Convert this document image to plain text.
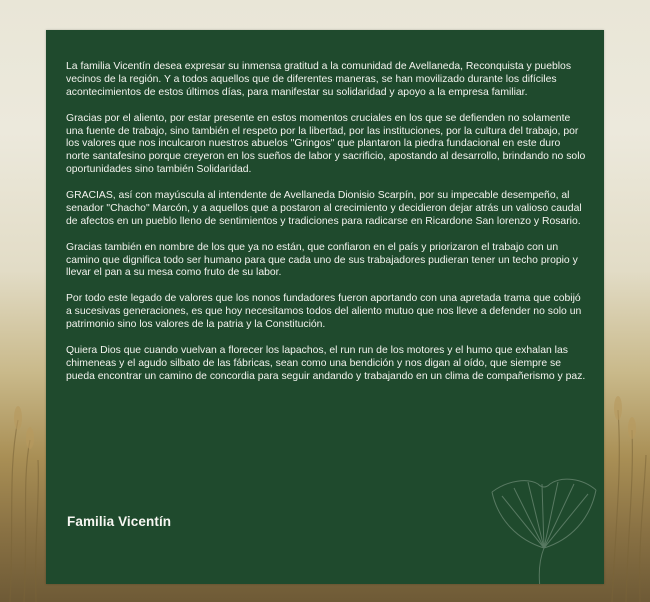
La familia Vicentín desea expresar su inmensa gratitud a la comunidad de Avellaneda, Reconquista y pueblos vecinos de la región. Y a todos aquellos que de diferentes maneras, se han movilizado durante los difíciles acontecimientos de estos últimos días, para manifestar su solidaridad y apoyo a la empresa familiar.

Gracias por el aliento, por estar presente en estos momentos cruciales en los que se defienden no solamente una fuente de trabajo, sino también el respeto por la libertad, por las instituciones, por la cultura del trabajo, por los valores que nos inculcaron nuestros abuelos "Gringos" que plantaron la piedra fundacional en este duro norte santafesino porque creyeron en los sueños de labor y sacrificio, apostando al desarrollo, brindando no solo oportunidades sino también Solidaridad.

GRACIAS, así con mayúscula al intendente de Avellaneda Dionisio Scarpín, por su impecable desempeño, al senador "Chacho" Marcón, y a aquellos que a postaron al crecimiento y decidieron dejar atrás un valioso caudal de afectos en un pueblo lleno de sentimientos y tradiciones para radicarse en Ricardone San lorenzo y Rosario.

Gracias también en nombre de los que ya no están, que confiaron en el país y priorizaron el trabajo con un camino que dignifica todo ser humano para que cada uno de sus trabajadores pudieran tener un techo propio y llevar el pan a su mesa como fruto de su labor.

Por todo este legado de valores que los nonos fundadores fueron aportando con una apretada trama que cobijó a sucesivas generaciones, es que hoy necesitamos todos del aliento mutuo que nos lleve a defender no solo un patrimonio sino los valores de la patria y la Constitución.

Quiera Dios que cuando vuelvan a florecer los lapachos, el run run de los motores y el humo que exhalan las chimeneas y el agudo silbato de las fábricas, sean como una bendición y nos digan al oído, que siempre se pueda encontrar un camino de concordia para seguir andando y trabajando en un clima de compañerismo y paz.

Familia Vicentín
